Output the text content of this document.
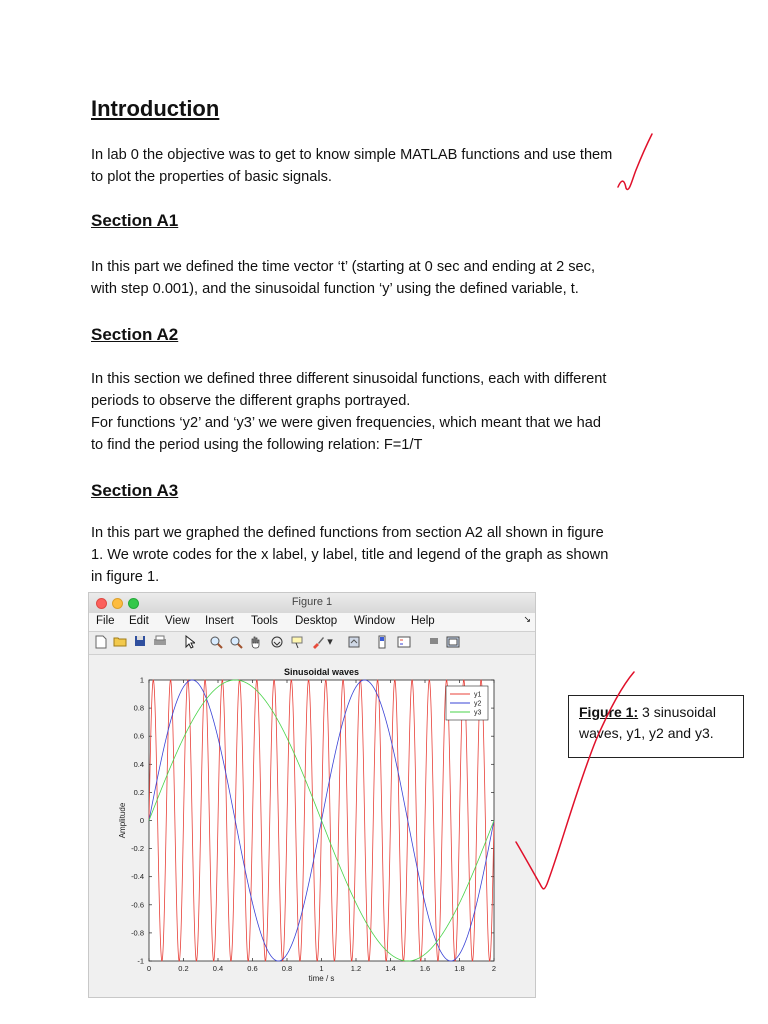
Introduction

In lab 0 the objective was to get to know simple MATLAB functions and use them
to plot the properties of basic signals.

Section A1

In this part we defined the time vector ‘t’ (starting at 0 sec and ending at 2 sec,
with step 0.001), and the sinusoidal function ‘y’ using the defined variable, t.

Section A2

In this section we defined three different sinusoidal functions, each with different
periods to observe the different graphs portrayed.
For functions ‘y2’ and ‘y3’ we were given frequencies, which meant that we had
to find the period using the following relation: F=1/T

Section A3

In this part we graphed the defined functions from section A2 all shown in figure
1. We wrote codes for the x label, y label, title and legend of the graph as shown
in figure 1.

Figure 1
File Edit View Insert Tools Desktop Window Help	↘
▾
Sinusoidal waves
0	0.2	0.4	0.6	0.8	1	1.2	1.4	1.6	1.8	2
-1
-0.8
-0.6
-0.4
-0.2
0
0.2
0.4
0.6
0.8
1
time / s
Amplitude
y1
y2
y3	Figure 1: 3 sinusoidal
waves, y1, y2 and y3.
